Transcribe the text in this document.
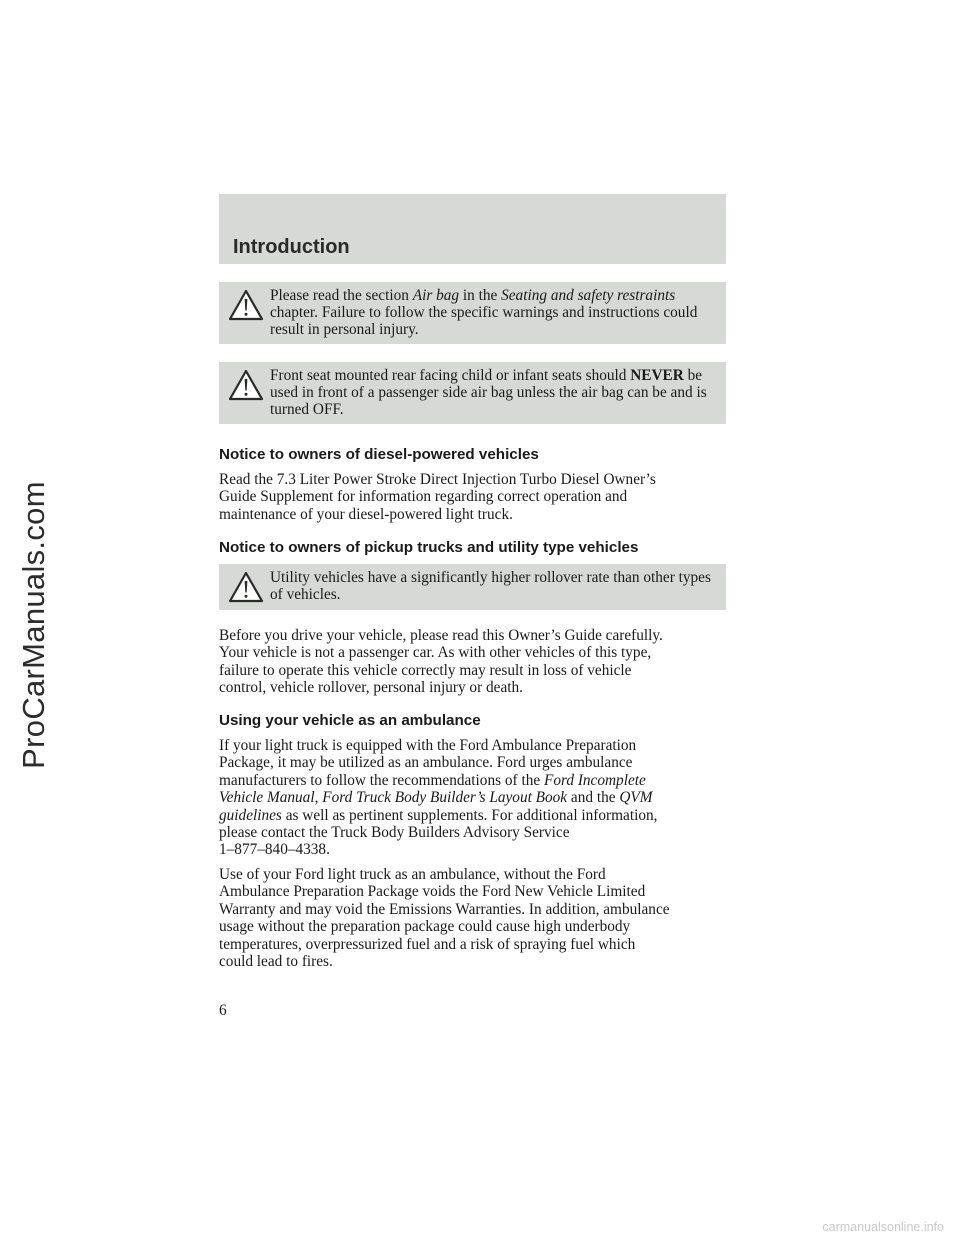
ProCarManuals.com
Introduction
Please read the section Air bag in the Seating and safety restraints chapter. Failure to follow the specific warnings and instructions could result in personal injury.
Front seat mounted rear facing child or infant seats should NEVER be used in front of a passenger side air bag unless the air bag can be and is turned OFF.
Notice to owners of diesel-powered vehicles
Read the 7.3 Liter Power Stroke Direct Injection Turbo Diesel Owner’s
Guide Supplement for information regarding correct operation and
maintenance of your diesel-powered light truck.
Notice to owners of pickup trucks and utility type vehicles
Utility vehicles have a significantly higher rollover rate than other types of vehicles.
Before you drive your vehicle, please read this Owner’s Guide carefully.
Your vehicle is not a passenger car. As with other vehicles of this type,
failure to operate this vehicle correctly may result in loss of vehicle
control, vehicle rollover, personal injury or death.
Using your vehicle as an ambulance
If your light truck is equipped with the Ford Ambulance Preparation
Package, it may be utilized as an ambulance. Ford urges ambulance
manufacturers to follow the recommendations of the Ford Incomplete
Vehicle Manual, Ford Truck Body Builder’s Layout Book and the QVM
guidelines as well as pertinent supplements. For additional information,
please contact the Truck Body Builders Advisory Service
1–877–840–4338.
Use of your Ford light truck as an ambulance, without the Ford
Ambulance Preparation Package voids the Ford New Vehicle Limited
Warranty and may void the Emissions Warranties. In addition, ambulance
usage without the preparation package could cause high underbody
temperatures, overpressurized fuel and a risk of spraying fuel which
could lead to fires.
6
carmanualsonline.info
